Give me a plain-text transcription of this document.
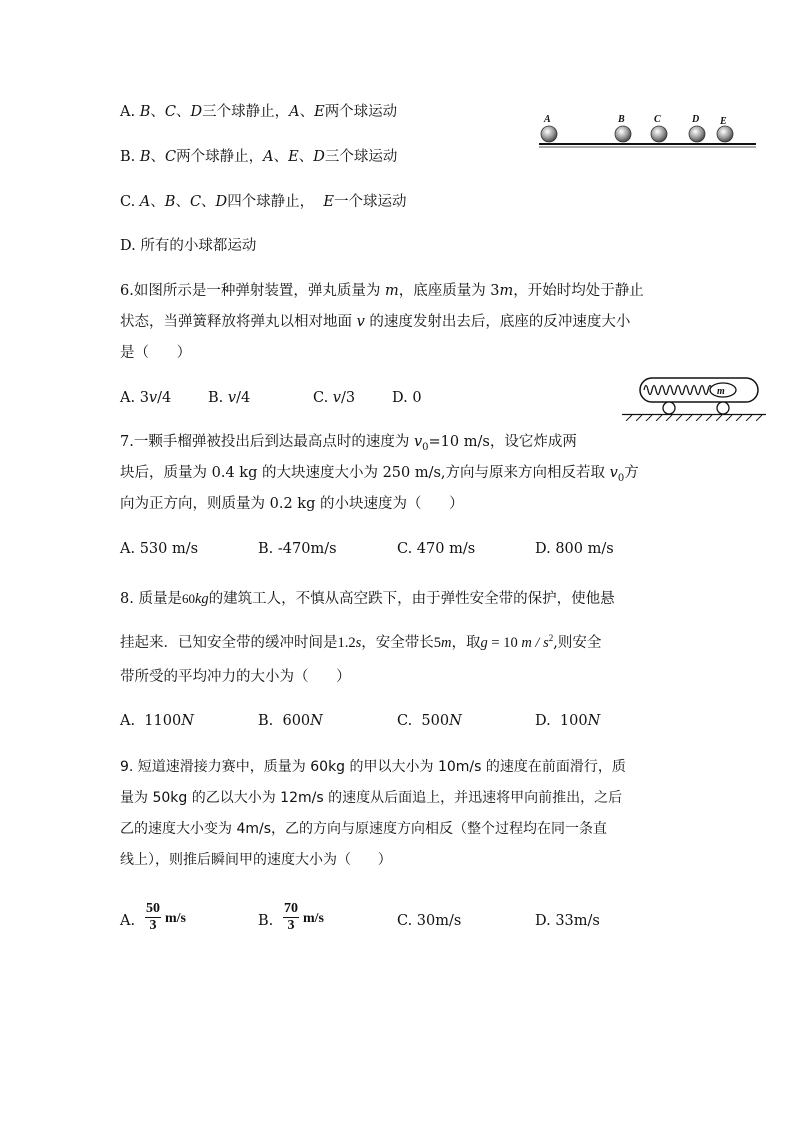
A. B、C、D三个球静止，A、E两个球运动
B. B、C两个球静止，A、E、D三个球运动
C. A、B、C、D四个球静止，  E一个球运动
D. 所有的小球都运动
A	B	C	D E
6.如图所示是一种弹射装置，弹丸质量为 m，底座质量为 3m，开始时均处于静止
状态，当弹簧释放将弹丸以相对地面 v 的速度发射出去后，底座的反冲速度大小
是（      ）
A. 3v/4	B. v/4	C. v/3	D. 0	m
7.一颗手榴弹被投出后到达最高点时的速度为 $v_0=10$ m/s，设它炸成两
块后，质量为 0.4 kg 的大块速度大小为 250 m/s,方向与原来方向相反若取 $v_0$方
向为正方向，则质量为 0.2 kg 的小块速度为（      ）
A. 530 m/s	B. -470m/s	C. 470 m/s	D. 800 m/s
8. 质量是60kg的建筑工人，不慎从高空跌下，由于弹性安全带的保护，使他悬
挂起来．已知安全带的缓冲时间是1.2s，安全带长5m，取g = 10 m / $s^2$,则安全
带所受的平均冲力的大小为（      ）
A.  1100N	B.  600N	C.  500N	D.  100N
9. 短道速滑接力赛中，质量为 60kg 的甲以大小为 10m/s 的速度在前面滑行，质
量为 50kg 的乙以大小为 12m/s 的速度从后面追上，并迅速将甲向前推出，之后
乙的速度大小变为 4m/s，乙的方向与原速度方向相反（整个过程均在同一条直
线上），则推后瞬间甲的速度大小为（      ）
A. $\frac{50}{3} m/s$	B. $\frac{70}{3} m/s$	C. 30m/s	D. 33m/s
